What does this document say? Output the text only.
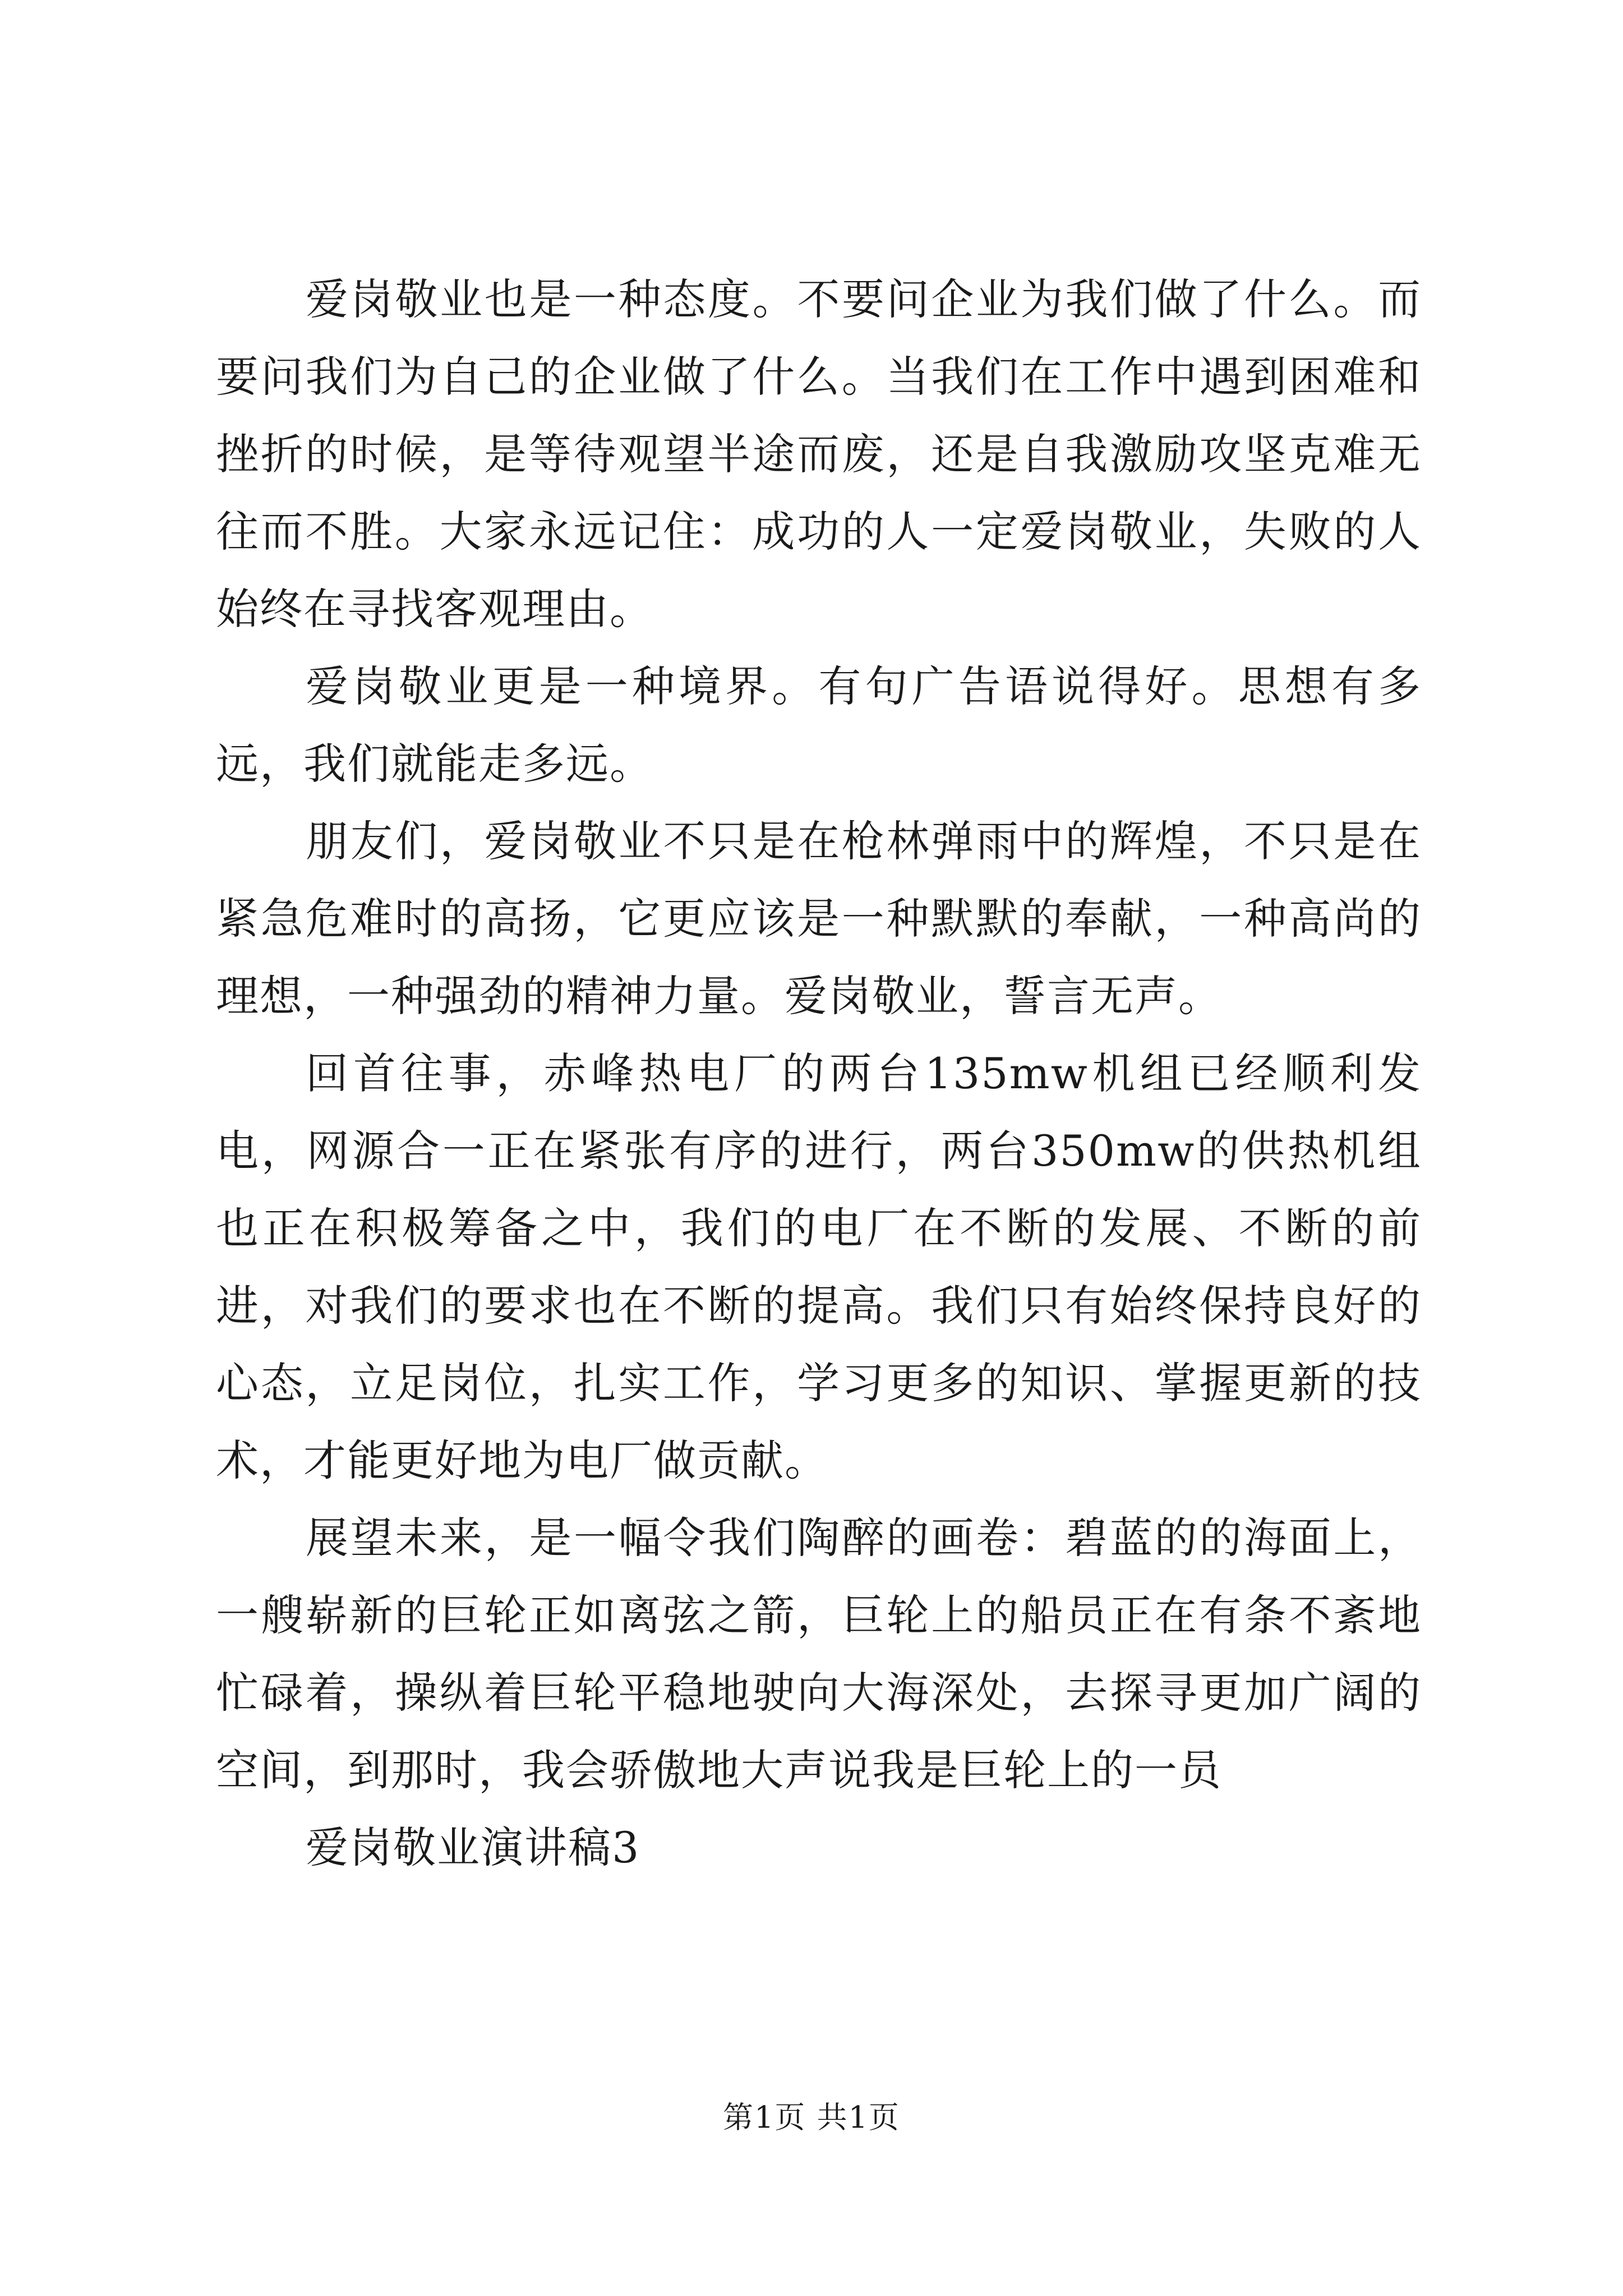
爱岗敬业也是一种态度。不要问企业为我们做了什么。而要问我们为自己的企业做了什么。当我们在工作中遇到困难和挫折的时候，是等待观望半途而废，还是自我激励攻坚克难无往而不胜。大家永远记住：成功的人一定爱岗敬业，失败的人始终在寻找客观理由。

爱岗敬业更是一种境界。有句广告语说得好。思想有多远，我们就能走多远。

朋友们，爱岗敬业不只是在枪林弹雨中的辉煌，不只是在紧急危难时的高扬，它更应该是一种默默的奉献，一种高尚的理想，一种强劲的精神力量。爱岗敬业，誓言无声。

回首往事，赤峰热电厂的两台135mw机组已经顺利发电，网源合一正在紧张有序的进行，两台350mw的供热机组也正在积极筹备之中，我们的电厂在不断的发展、不断的前进，对我们的要求也在不断的提高。我们只有始终保持良好的心态，立足岗位，扎实工作，学习更多的知识、掌握更新的技术，才能更好地为电厂做贡献。

展望未来，是一幅令我们陶醉的画卷：碧蓝的的海面上，一艘崭新的巨轮正如离弦之箭，巨轮上的船员正在有条不紊地忙碌着，操纵着巨轮平稳地驶向大海深处，去探寻更加广阔的空间，到那时，我会骄傲地大声说我是巨轮上的一员

爱岗敬业演讲稿3

第1页 共1页
